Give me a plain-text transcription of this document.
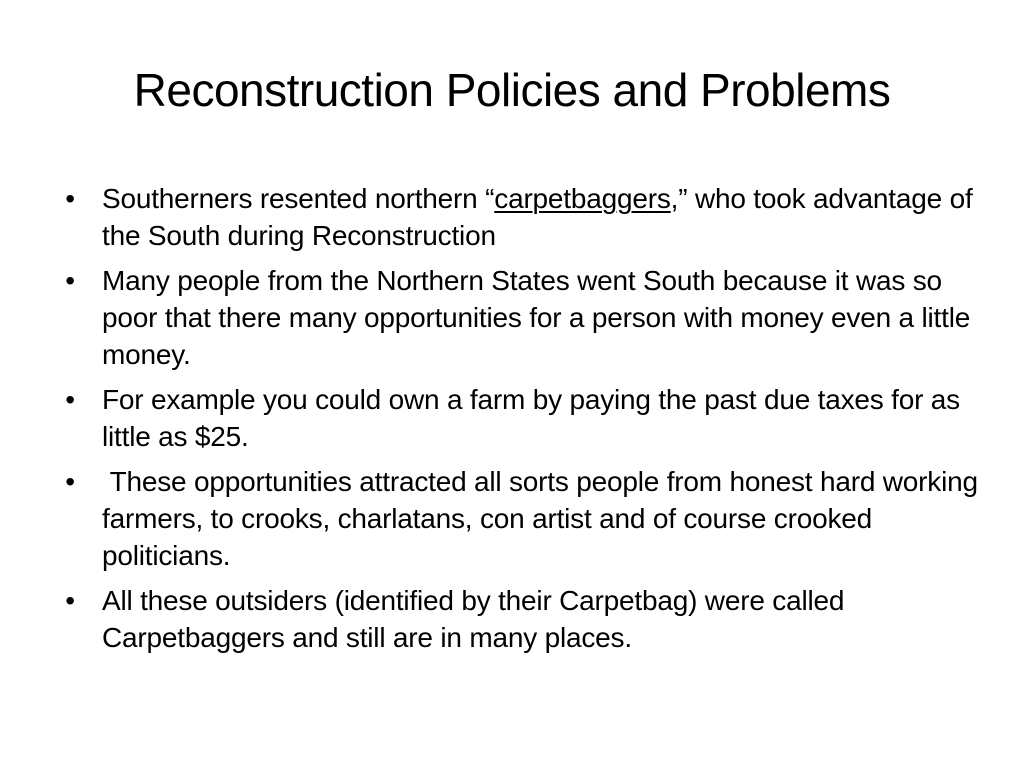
Reconstruction Policies and Problems
• Southerners resented northern “carpetbaggers,” who took advantage of the South during Reconstruction
• Many people from the Northern States went South because it was so poor that there many opportunities for a person with money even a little money.
• For example you could own a farm by paying the past due taxes for as little as $25.
• These opportunities attracted all sorts people from honest hard working farmers, to crooks, charlatans, con artist and of course crooked politicians.
• All these outsiders (identified by their Carpetbag) were called Carpetbaggers and still are in many places.
